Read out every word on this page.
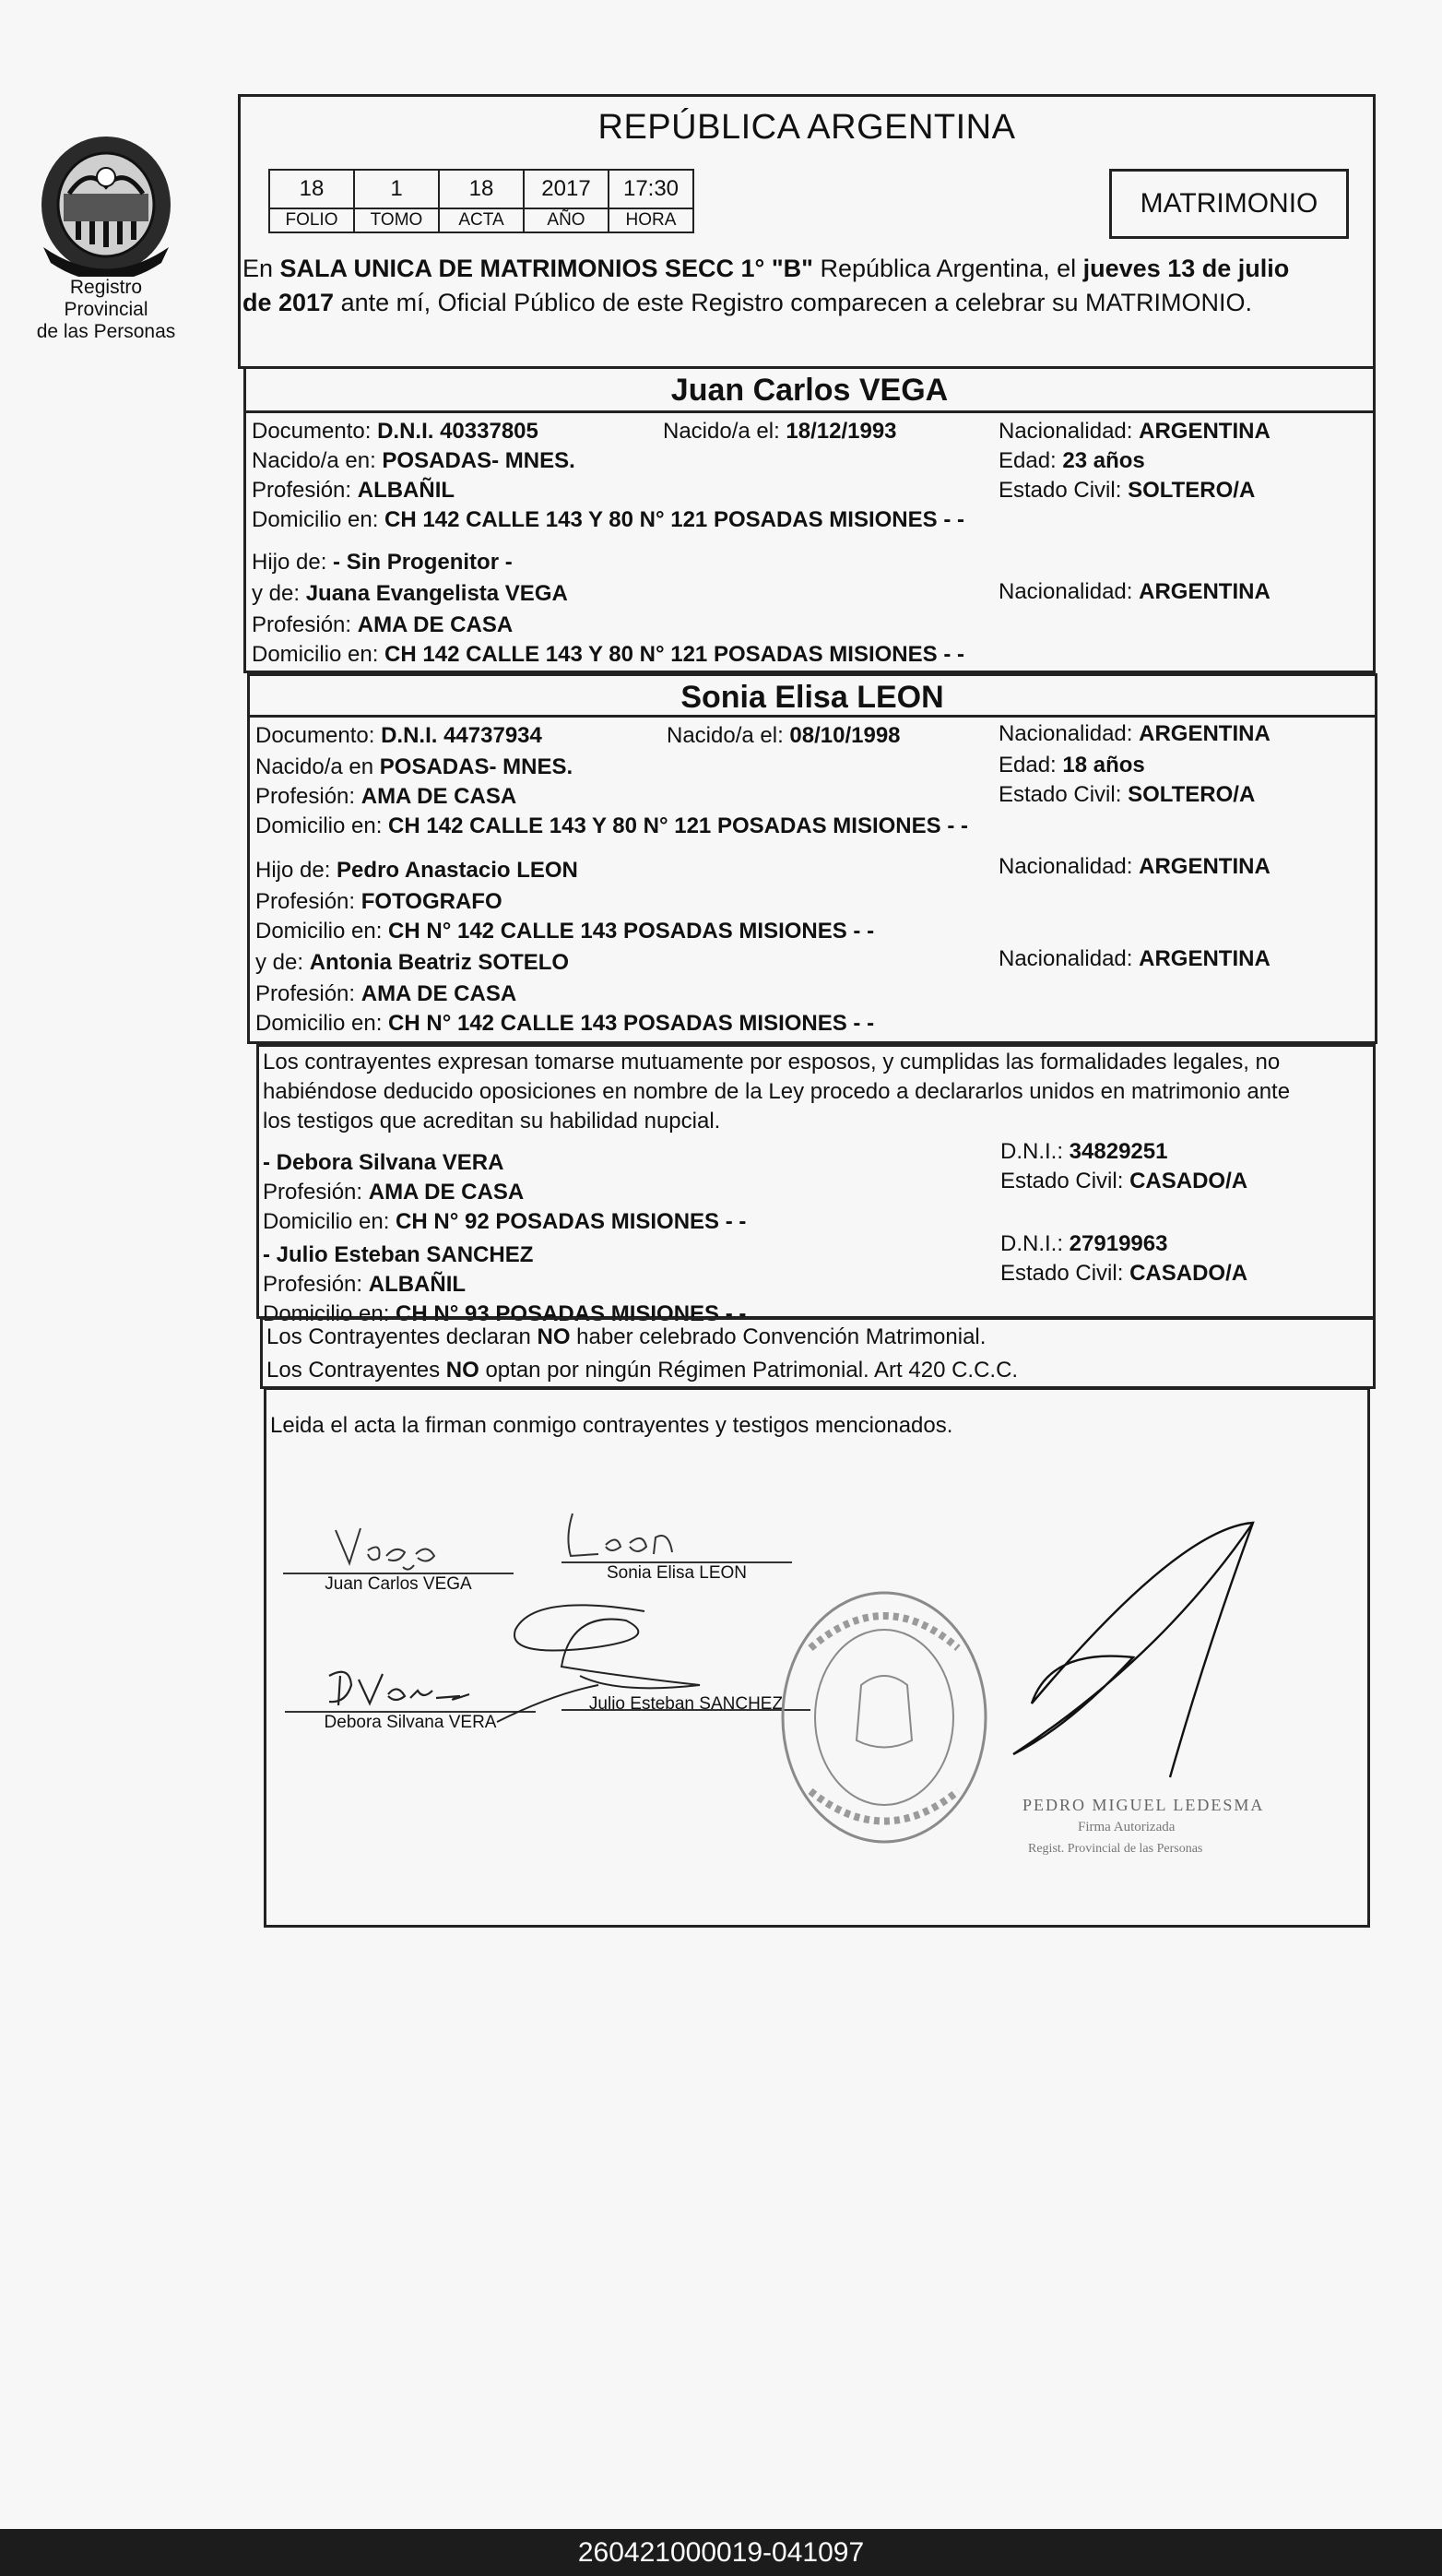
Registro Provincial
de las Personas
REPÚBLICA ARGENTINA
18	1	18	2017	17:30
FOLIO	TOMO	ACTA	AÑO	HORA
MATRIMONIO
En SALA UNICA DE MATRIMONIOS SECC 1° "B" República Argentina, el jueves 13 de julio
de 2017 ante mí, Oficial Público de este Registro comparecen a celebrar su MATRIMONIO.
Juan Carlos VEGA
Documento: D.N.I. 40337805	Nacido/a el: 18/12/1993	Nacionalidad: ARGENTINA
Nacido/a en: POSADAS- MNES.	Edad: 23 años
Profesión: ALBAÑIL	Estado Civil: SOLTERO/A
Domicilio en: CH 142 CALLE 143 Y 80 N° 121 POSADAS MISIONES - -
Hijo de: - Sin Progenitor -
y de: Juana Evangelista VEGA	Nacionalidad: ARGENTINA
Profesión: AMA DE CASA
Domicilio en: CH 142 CALLE 143 Y 80 N° 121 POSADAS MISIONES - -
Sonia Elisa LEON
Documento: D.N.I. 44737934	Nacido/a el: 08/10/1998	Nacionalidad: ARGENTINA
Nacido/a en POSADAS- MNES.	Edad: 18 años
Profesión: AMA DE CASA	Estado Civil: SOLTERO/A
Domicilio en: CH 142 CALLE 143 Y 80 N° 121 POSADAS MISIONES - -
Hijo de: Pedro Anastacio LEON	Nacionalidad: ARGENTINA
Profesión: FOTOGRAFO
Domicilio en: CH N° 142 CALLE 143 POSADAS MISIONES - -
y de: Antonia Beatriz SOTELO	Nacionalidad: ARGENTINA
Profesión: AMA DE CASA
Domicilio en: CH N° 142 CALLE 143 POSADAS MISIONES - -
Los contrayentes expresan tomarse mutuamente por esposos, y cumplidas las formalidades legales, no
habiéndose deducido oposiciones en nombre de la Ley procedo a declararlos unidos en matrimonio ante
los testigos que acreditan su habilidad nupcial.
- Debora Silvana VERA	D.N.I.: 34829251
Profesión: AMA DE CASA	Estado Civil: CASADO/A
Domicilio en: CH N° 92 POSADAS MISIONES - -
- Julio Esteban SANCHEZ	D.N.I.: 27919963
Profesión: ALBAÑIL	Estado Civil: CASADO/A
Domicilio en: CH N° 93 POSADAS MISIONES - -
Los Contrayentes declaran NO haber celebrado Convención Matrimonial.
Los Contrayentes NO optan por ningún Régimen Patrimonial. Art 420 C.C.C.
Leida el acta la firman conmigo contrayentes y testigos mencionados.
Juan Carlos VEGA
Sonia Elisa LEON
Debora Silvana VERA
Julio Esteban SANCHEZ
PEDRO MIGUEL LEDESMA
Firma Autorizada
Regist. Provincial de las Personas
260421000019-041097
